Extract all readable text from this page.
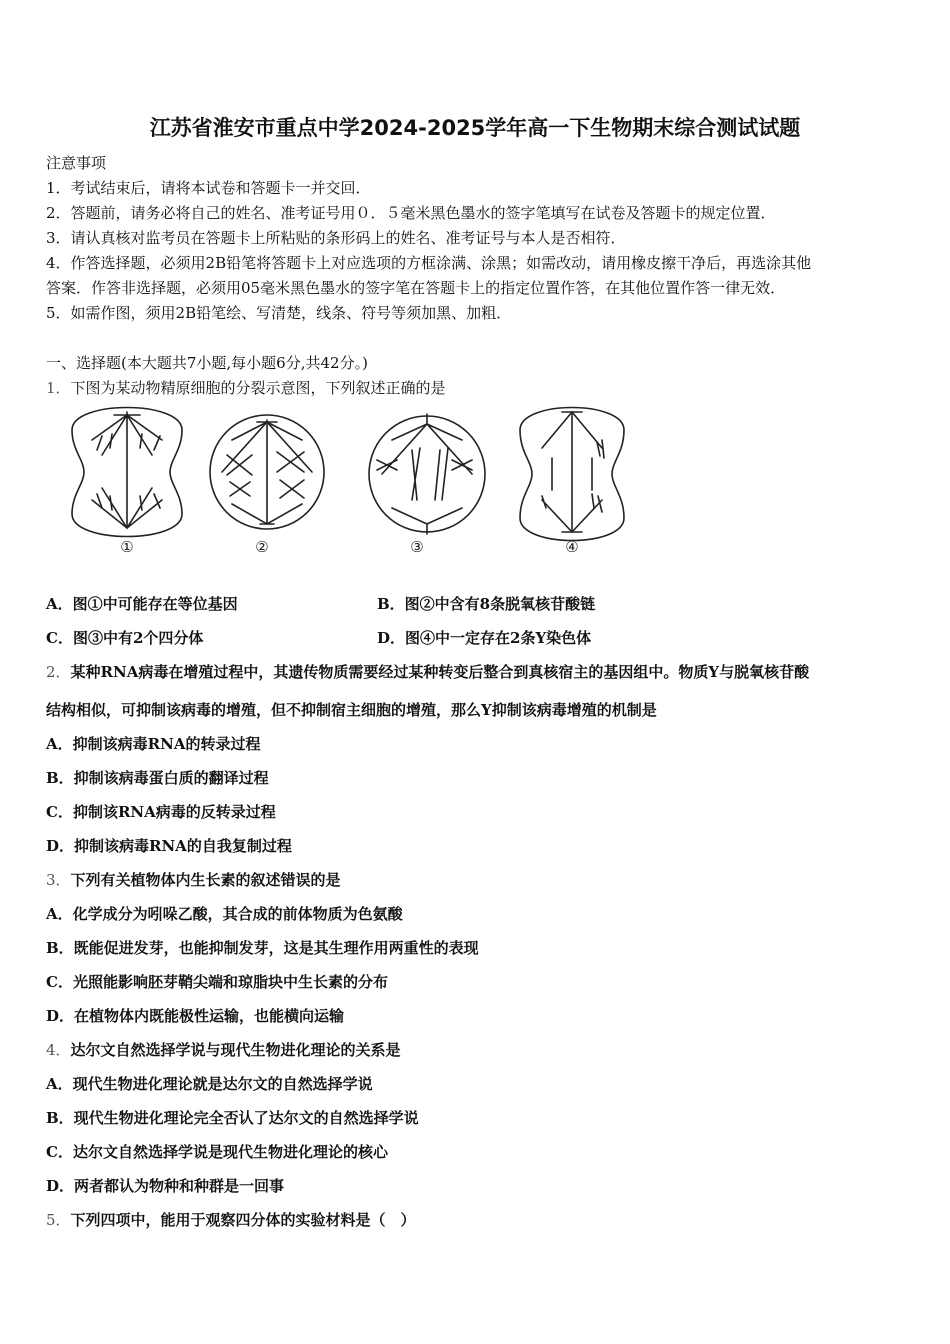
江苏省淮安市重点中学2024-2025学年高一下生物期末综合测试试题
注意事项
1．考试结束后，请将本试卷和答题卡一并交回．
2．答题前，请务必将自己的姓名、准考证号用０．５毫米黑色墨水的签字笔填写在试卷及答题卡的规定位置．
3．请认真核对监考员在答题卡上所粘贴的条形码上的姓名、准考证号与本人是否相符．
4．作答选择题，必须用2B铅笔将答题卡上对应选项的方框涂满、涂黑；如需改动，请用橡皮擦干净后，再选涂其他
答案．作答非选择题，必须用05毫米黑色墨水的签字笔在答题卡上的指定位置作答，在其他位置作答一律无效．
5．如需作图，须用2B铅笔绘、写清楚，线条、符号等须加黑、加粗．
一、选择题(本大题共7小题,每小题6分,共42分。)
1．下图为某动物精原细胞的分裂示意图，下列叙述正确的是
①	②	③	④
A．图①中可能存在等位基因	B．图②中含有8条脱氧核苷酸链
C．图③中有2个四分体	D．图④中一定存在2条Y染色体
2．某种RNA病毒在增殖过程中，其遗传物质需要经过某种转变后整合到真核宿主的基因组中。物质Y与脱氧核苷酸
结构相似，可抑制该病毒的增殖，但不抑制宿主细胞的增殖，那么Y抑制该病毒增殖的机制是
A．抑制该病毒RNA的转录过程
B．抑制该病毒蛋白质的翻译过程
C．抑制该RNA病毒的反转录过程
D．抑制该病毒RNA的自我复制过程
3．下列有关植物体内生长素的叙述错误的是
A．化学成分为吲哚乙酸，其合成的前体物质为色氨酸
B．既能促进发芽，也能抑制发芽，这是其生理作用两重性的表现
C．光照能影响胚芽鞘尖端和琼脂块中生长素的分布
D．在植物体内既能极性运输，也能横向运输
4．达尔文自然选择学说与现代生物进化理论的关系是
A．现代生物进化理论就是达尔文的自然选择学说
B．现代生物进化理论完全否认了达尔文的自然选择学说
C．达尔文自然选择学说是现代生物进化理论的核心
D．两者都认为物种和种群是一回事
5．下列四项中，能用于观察四分体的实验材料是（　）
